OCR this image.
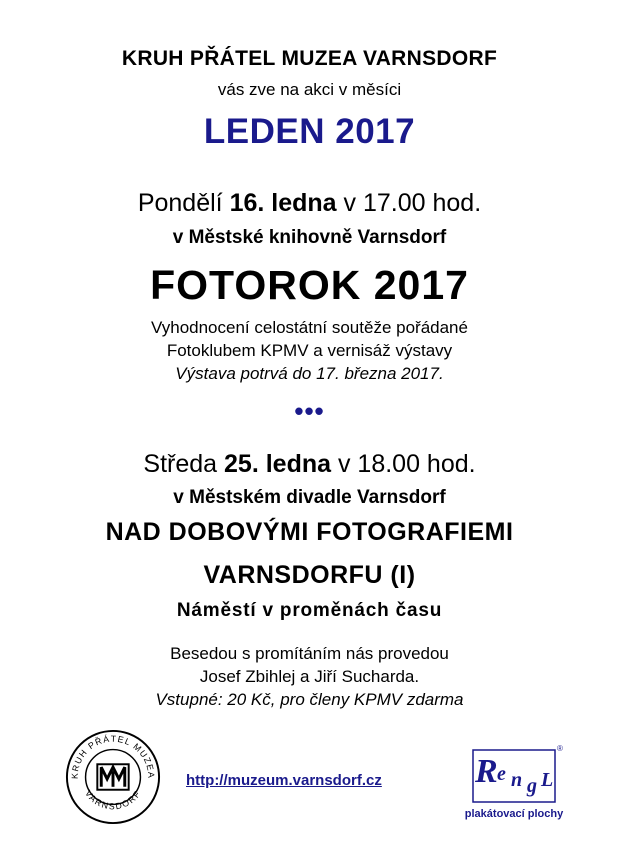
KRUH PŘÁTEL MUZEA VARNSDORF
vás zve na akci v měsíci
LEDEN 2017
Pondělí 16. ledna v 17.00 hod.
v Městské knihovně Varnsdorf
FOTOROK 2017
Vyhodnocení celostátní soutěže pořádané
Fotoklubem KPMV a vernisáž výstavy
Výstava potrvá do 17. března 2017.
•••
Středa 25. ledna v 18.00 hod.
v Městském divadle Varnsdorf
NAD DOBOVÝMI FOTOGRAFIEMI
VARNSDORFU (I)
Náměstí v proměnách času
Besedou s promítáním nás provedou
Josef Zbihlej a Jiří Sucharda.
Vstupné: 20 Kč, pro členy KPMV zdarma
KRUH PŘÁTEL MUZEA
VARNSDORF
http://muzeum.varnsdorf.cz	R e n g L
®
plakátovací plochy
